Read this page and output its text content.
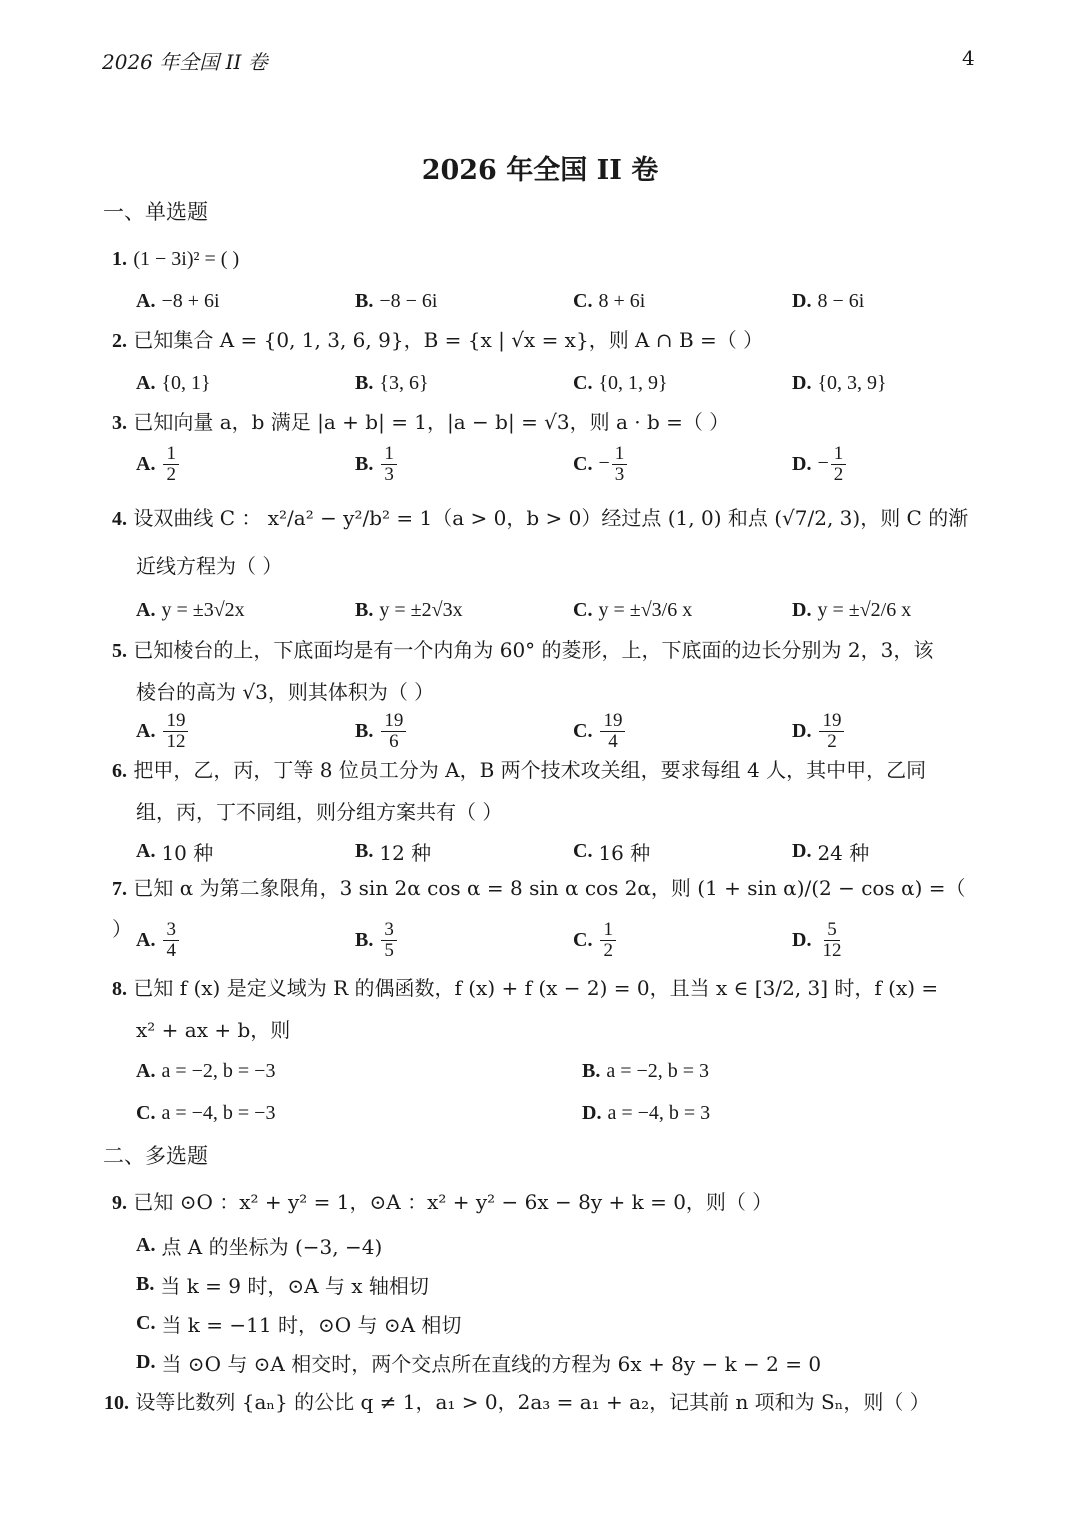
2026 年全国 II 卷	4
2026 年全国 II 卷
一、单选题
1. (1 − 3i)² = ( )
A. −8 + 6i	B. −8 − 6i	C. 8 + 6i	D. 8 − 6i
2. 已知集合 A = {0, 1, 3, 6, 9}，B = {x | √x = x}，则 A ∩ B =（ ）
A. {0, 1}	B. {3, 6}	C. {0, 1, 9}	D. {0, 3, 9}
3. 已知向量 a，b 满足 |a + b| = 1，|a − b| = √3，则 a · b =（ ）
A. $\frac{1}{2}$	B. $\frac{1}{3}$	C. − $\frac{1}{3}$	D. − $\frac{1}{2}$
4. 设双曲线 C ： x²/a² − y²/b² = 1（a > 0，b > 0）经过点 (1, 0) 和点 (√7/2, 3)，则 C 的渐
近线方程为（ ）
A. y = ±3√2x	B. y = ±2√3x	C. y = ±√3/6 x	D. y = ±√2/6 x
5. 已知棱台的上，下底面均是有一个内角为 60° 的菱形，上，下底面的边长分别为 2，3，该
棱台的高为 √3，则其体积为（ ）
A. $\frac{19}{12}$	B. $\frac{19}{6}$	C. $\frac{19}{4}$	D. $\frac{19}{2}$
6. 把甲，乙，丙，丁等 8 位员工分为 A，B 两个技术攻关组，要求每组 4 人，其中甲，乙同
组，丙，丁不同组，则分组方案共有（ ）
A. 10 种	B. 12 种	C. 16 种	D. 24 种
7. 已知 α 为第二象限角，3 sin 2α cos α = 8 sin α cos 2α，则 (1 + sin α)/(2 − cos α) =（ ） A. $\frac{3}{4}$	B. $\frac{3}{5}$	C. $\frac{1}{2}$	D. $\frac{5}{12}$
8. 已知 f (x) 是定义域为 R 的偶函数，f (x) + f (x − 2) = 0，且当 x ∈ [3/2, 3] 时，f (x) =
x² + ax + b，则
A. a = −2, b = −3	B. a = −2, b = 3
C. a = −4, b = −3	D. a = −4, b = 3
二、多选题
9. 已知 ⊙O ：x² + y² = 1，⊙A ：x² + y² − 6x − 8y + k = 0，则（ ）
A. 点 A 的坐标为 (−3, −4)
B. 当 k = 9 时，⊙A 与 x 轴相切
C. 当 k = −11 时，⊙O 与 ⊙A 相切
D. 当 ⊙O 与 ⊙A 相交时，两个交点所在直线的方程为 6x + 8y − k − 2 = 0
10. 设等比数列 {aₙ} 的公比 q ≠ 1，a₁ > 0，2a₃ = a₁ + a₂，记其前 n 项和为 Sₙ，则（ ）
